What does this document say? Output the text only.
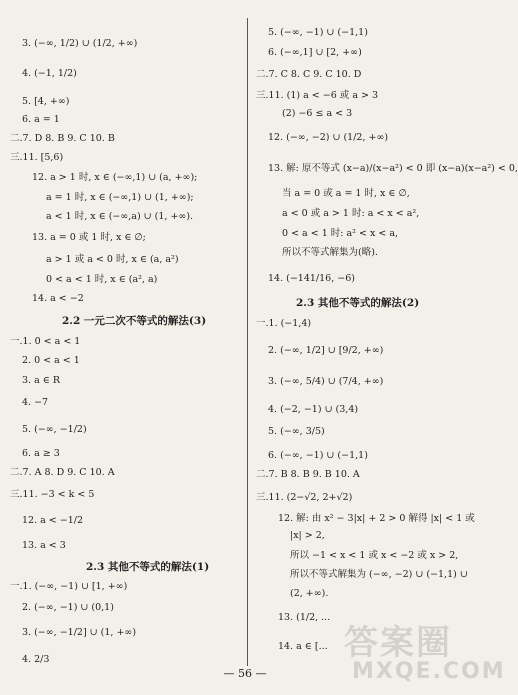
3. (−∞, 1/2) ∪ (1/2, +∞)
4. (−1, 1/2)
5. [4, +∞)
6. a = 1
二.7. D 8. B 9. C 10. B
三.11. [5,6)
12. a > 1 时, x ∈ (−∞,1) ∪ (a, +∞);
a = 1 时, x ∈ (−∞,1) ∪ (1, +∞);
a < 1 时, x ∈ (−∞,a) ∪ (1, +∞).
13. a = 0 或 1 时, x ∈ ∅;
a > 1 或 a < 0 时, x ∈ (a, a²)
0 < a < 1 时, x ∈ (a², a)
14. a < −2
2.2 一元二次不等式的解法(3)
一.1. 0 < a < 1
2. 0 < a < 1
3. a ∈ R
4. −7
5. (−∞, −1/2)
6. a ≥ 3
二.7. A 8. D 9. C 10. A
三.11. −3 < k < 5
12. a < −1/2
13. a < 3
2.3 其他不等式的解法(1)
一.1. (−∞, −1) ∪ [1, +∞)
2. (−∞, −1) ∪ (0,1)
3. (−∞, −1/2] ∪ (1, +∞)
4. 2/3
5. (−∞, −1) ∪ (−1,1)
6. (−∞,1] ∪ [2, +∞)
二.7. C 8. C 9. C 10. D
三.11. (1) a < −6 或 a > 3
(2) −6 ≤ a < 3
12. (−∞, −2) ∪ (1/2, +∞)
13. 解: 原不等式 (x−a)/(x−a²) < 0 即 (x−a)(x−a²) < 0,
当 a = 0 或 a = 1 时, x ∈ ∅,
a < 0 或 a > 1 时: a < x < a²,
0 < a < 1 时: a² < x < a,
所以不等式解集为(略).
14. (−141/16, −6)
2.3 其他不等式的解法(2)
一.1. (−1,4)
2. (−∞, 1/2] ∪ [9/2, +∞)
3. (−∞, 5/4) ∪ (7/4, +∞)
4. (−2, −1) ∪ (3,4)
5. (−∞, 3/5)
6. (−∞, −1) ∪ (−1,1)
二.7. B 8. B 9. B 10. A
三.11. (2−√2, 2+√2)
12. 解: 由 x² − 3|x| + 2 > 0 解得 |x| < 1 或
|x| > 2,
所以 −1 < x < 1 或 x < −2 或 x > 2,
所以不等式解集为 (−∞, −2) ∪ (−1,1) ∪
(2, +∞).
13. (1/2, ...
14. a ∈ [...
— 56 —
答案圈
MXQE.COM
